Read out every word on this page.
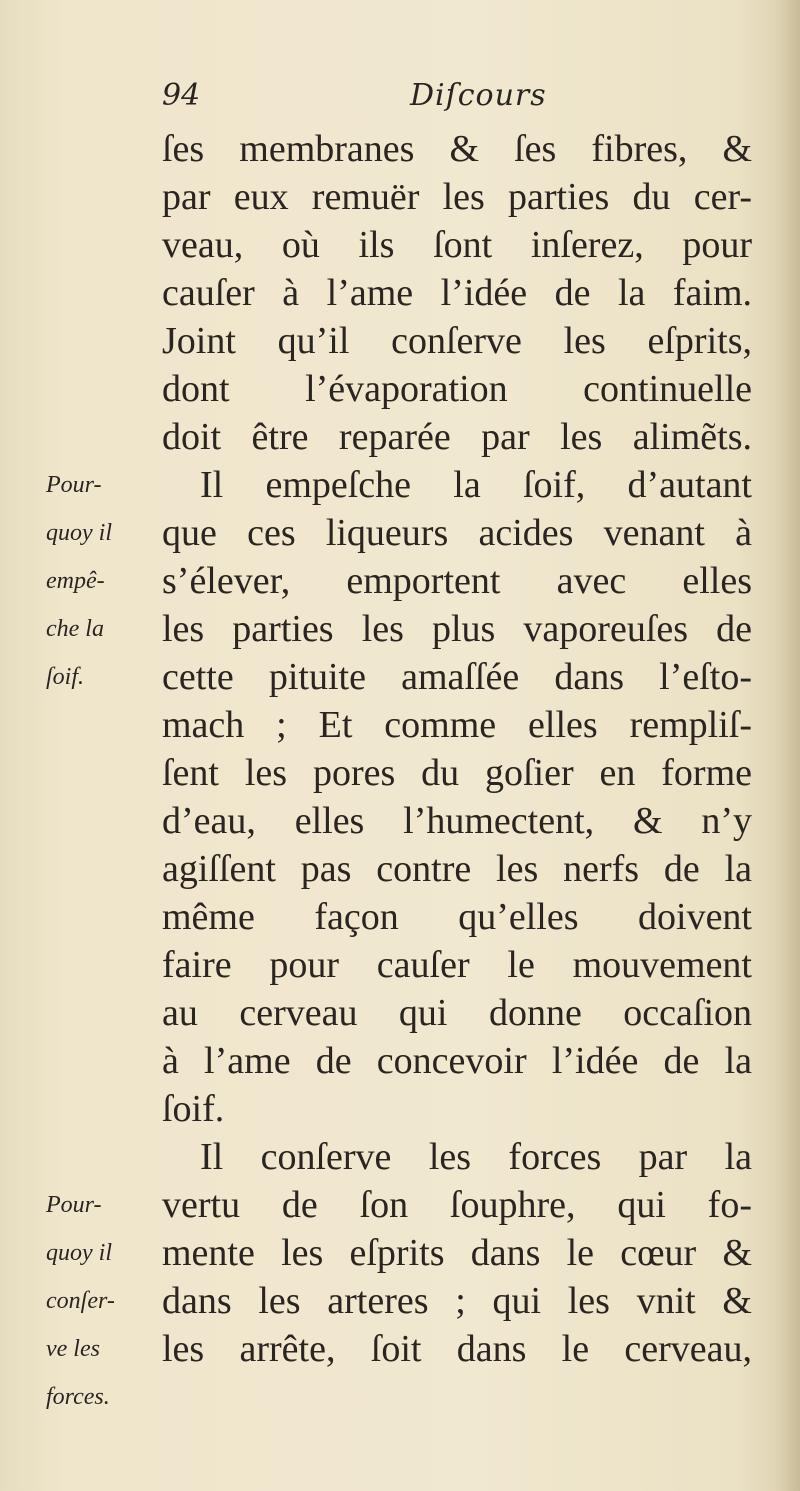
94	Diſcours
ſes membranes & ſes fibres, &
par eux remuër les parties du cer-
veau, où ils ſont inſerez, pour
cauſer à l’ame l’idée de la faim.
Joint qu’il conſerve les eſprits,
dont l’évaporation continuelle
doit être reparée par les alimẽts.
Il empeſche la ſoif, d’autant
que ces liqueurs acides venant à
s’élever, emportent avec elles
les parties les plus vaporeuſes de
cette pituite amaſſée dans l’eſto-
mach ; Et comme elles rempliſ-
ſent les pores du goſier en forme
d’eau, elles l’humectent, & n’y
agiſſent pas contre les nerfs de la
même façon qu’elles doivent
faire pour cauſer le mouvement
au cerveau qui donne occaſion
à l’ame de concevoir l’idée de la
ſoif.
Il conſerve les forces par la
vertu de ſon ſouphre, qui fo-
mente les eſprits dans le cœur &
dans les arteres ; qui les vnit &
les arrête, ſoit dans le cerveau,
Pour-
quoy il
empê-
che la
ſoif.
Pour-
quoy il
conſer-
ve les
forces.
